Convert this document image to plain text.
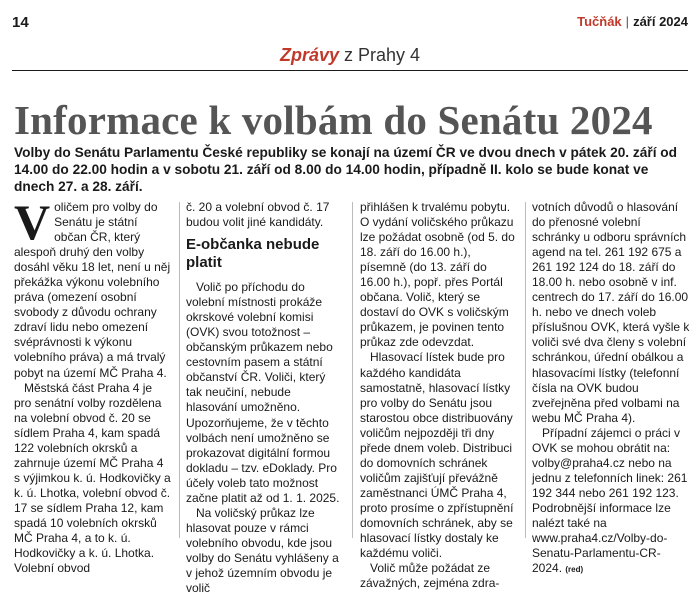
14	Tučňák | září 2024
Zprávy z Prahy 4
Informace k volbám do Senátu 2024
Volby do Senátu Parlamentu České republiky se konají na území ČR ve dvou dnech v pátek 20. září od 14.00 do 22.00 hodin a v sobotu 21. září od 8.00 do 14.00 hodin, případně II. kolo se bude konat ve dnech 27. a 28. září.

Voličem pro volby do Senátu je státní občan ČR, který alespoň druhý den volby dosáhl věku 18 let, není u něj překážka výkonu volebního práva (omezení osobní svobody z důvodu ochrany zdraví lidu nebo omezení svéprávnosti k výkonu volebního práva) a má trvalý pobyt na území MČ Praha 4.

Městská část Praha 4 je pro senátní volby rozdělena na volební obvod č. 20 se sídlem Praha 4, kam spadá 122 volebních okrsků a zahrnuje území MČ Praha 4 s výjimkou k. ú. Hodkovičky a k. ú. Lhotka, volební obvod č. 17 se sídlem Praha 12, kam spadá 10 volebních okrsků MČ Praha 4, a to k. ú. Hodkovičky a k. ú. Lhotka. Volební obvod

č. 20 a volební obvod č. 17 budou volit jiné kandidáty.

E-občanka nebude platit

Volič po příchodu do volební místnosti prokáže okrskové volební komisi (OVK) svou totožnost – občanským průkazem nebo cestovním pasem a státní občanství ČR. Voliči, který tak neučiní, nebude hlasování umožněno. Upozorňujeme, že v těchto volbách není umožněno se prokazovat digitální formou dokladu – tzv. eDoklady. Pro účely voleb tato možnost začne platit až od 1. 1. 2025.

Na voličský průkaz lze hlasovat pouze v rámci volebního obvodu, kde jsou volby do Senátu vyhlášeny a v jehož územním obvodu je volič

přihlášen k trvalému pobytu. O vydání voličského průkazu lze požádat osobně (od 5. do 18. září do 16.00 h.), písemně (do 13. září do 16.00 h.), popř. přes Portál občana. Volič, který se dostaví do OVK s voličským průkazem, je povinen tento průkaz zde odevzdat.

Hlasovací lístek bude pro každého kandidáta samostatně, hlasovací lístky pro volby do Senátu jsou starostou obce distribuovány voličům nejpozději tři dny přede dnem voleb. Distribuci do domovních schránek voličům zajišťují převážně zaměstnanci ÚMČ Praha 4, proto prosíme o zpřístupnění domovních schránek, aby se hlasovací lístky dostaly ke každému voliči.

Volič může požádat ze závažných, zejména zdra-

votních důvodů o hlasování do přenosné volební schránky u odboru správních agend na tel. 261 192 675 a 261 192 124 do 18. září do 18.00 h. nebo osobně v inf. centrech do 17. září do 16.00 h. nebo ve dnech voleb příslušnou OVK, která vyšle k voliči své dva členy s volební schránkou, úřední obálkou a hlasovacími lístky (telefonní čísla na OVK budou zveřejněna před volbami na webu MČ Praha 4).

Případní zájemci o práci v OVK se mohou obrátit na: volby@praha4.cz nebo na jednu z telefonních linek: 261 192 344 nebo 261 192 123. Podrobnější informace lze nalézt také na www.praha4.cz/Volby-do-Senatu-Parlamentu-CR-2024. (red)
